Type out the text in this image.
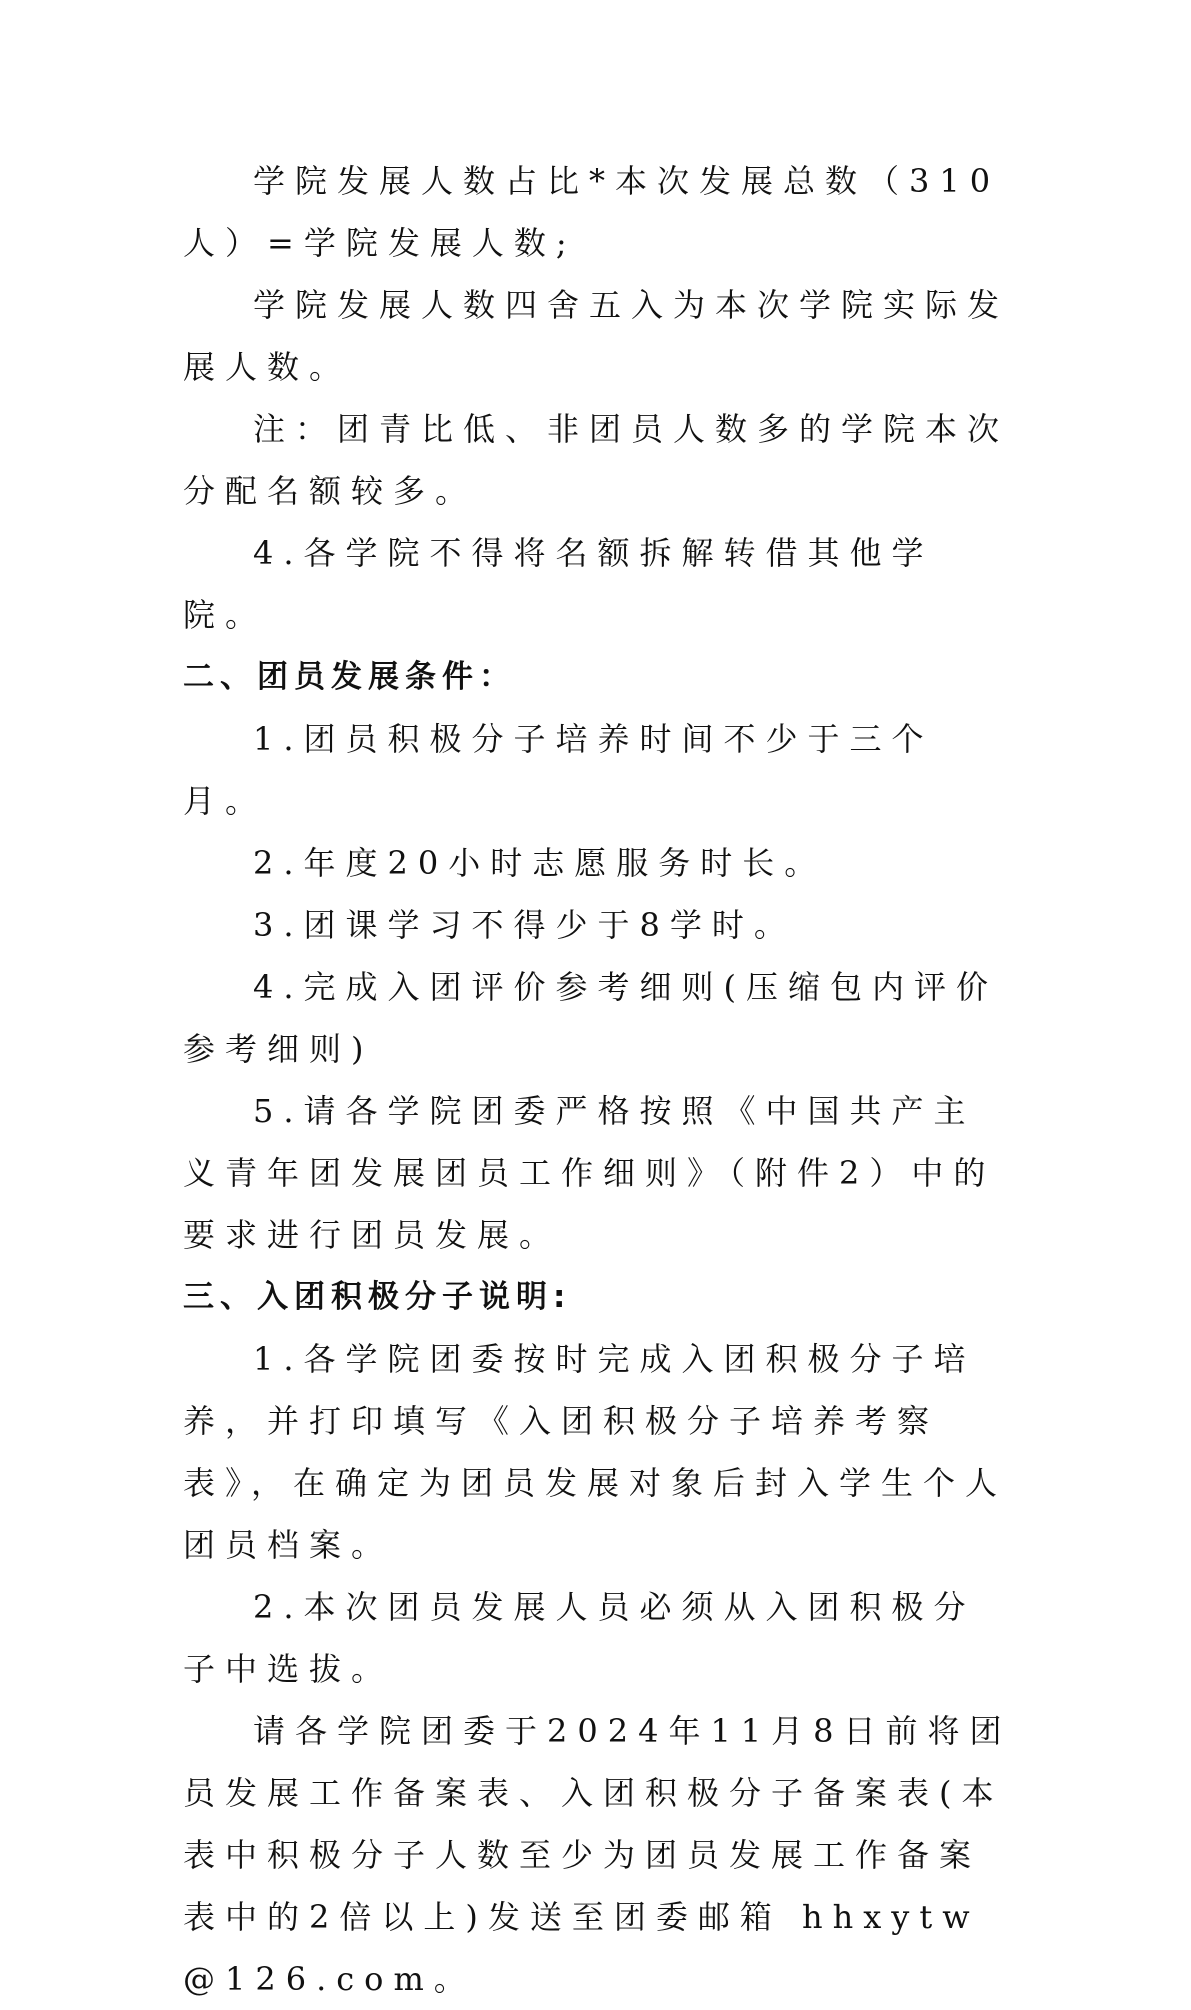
学院发展人数占比*本次发展总数（310人）=学院发展人数;

学院发展人数四舍五入为本次学院实际发展人数。

注：团青比低、非团员人数多的学院本次分配名额较多。

4.各学院不得将名额拆解转借其他学院。

二、团员发展条件：

1.团员积极分子培养时间不少于三个月。

2.年度20小时志愿服务时长。

3.团课学习不得少于8学时。

4.完成入团评价参考细则(压缩包内评价参考细则)

5.请各学院团委严格按照《中国共产主义青年团发展团员工作细则》（附件2）中的要求进行团员发展。

三、入团积极分子说明:

1.各学院团委按时完成入团积极分子培养，并打印填写《入团积极分子培养考察表》，在确定为团员发展对象后封入学生个人团员档案。

2.本次团员发展人员必须从入团积极分子中选拔。

请各学院团委于2024年11月8日前将团员发展工作备案表、入团积极分子备案表(本表中积极分子人数至少为团员发展工作备案表中的2倍以上)发送至团委邮箱 hhxytw@126.com。
